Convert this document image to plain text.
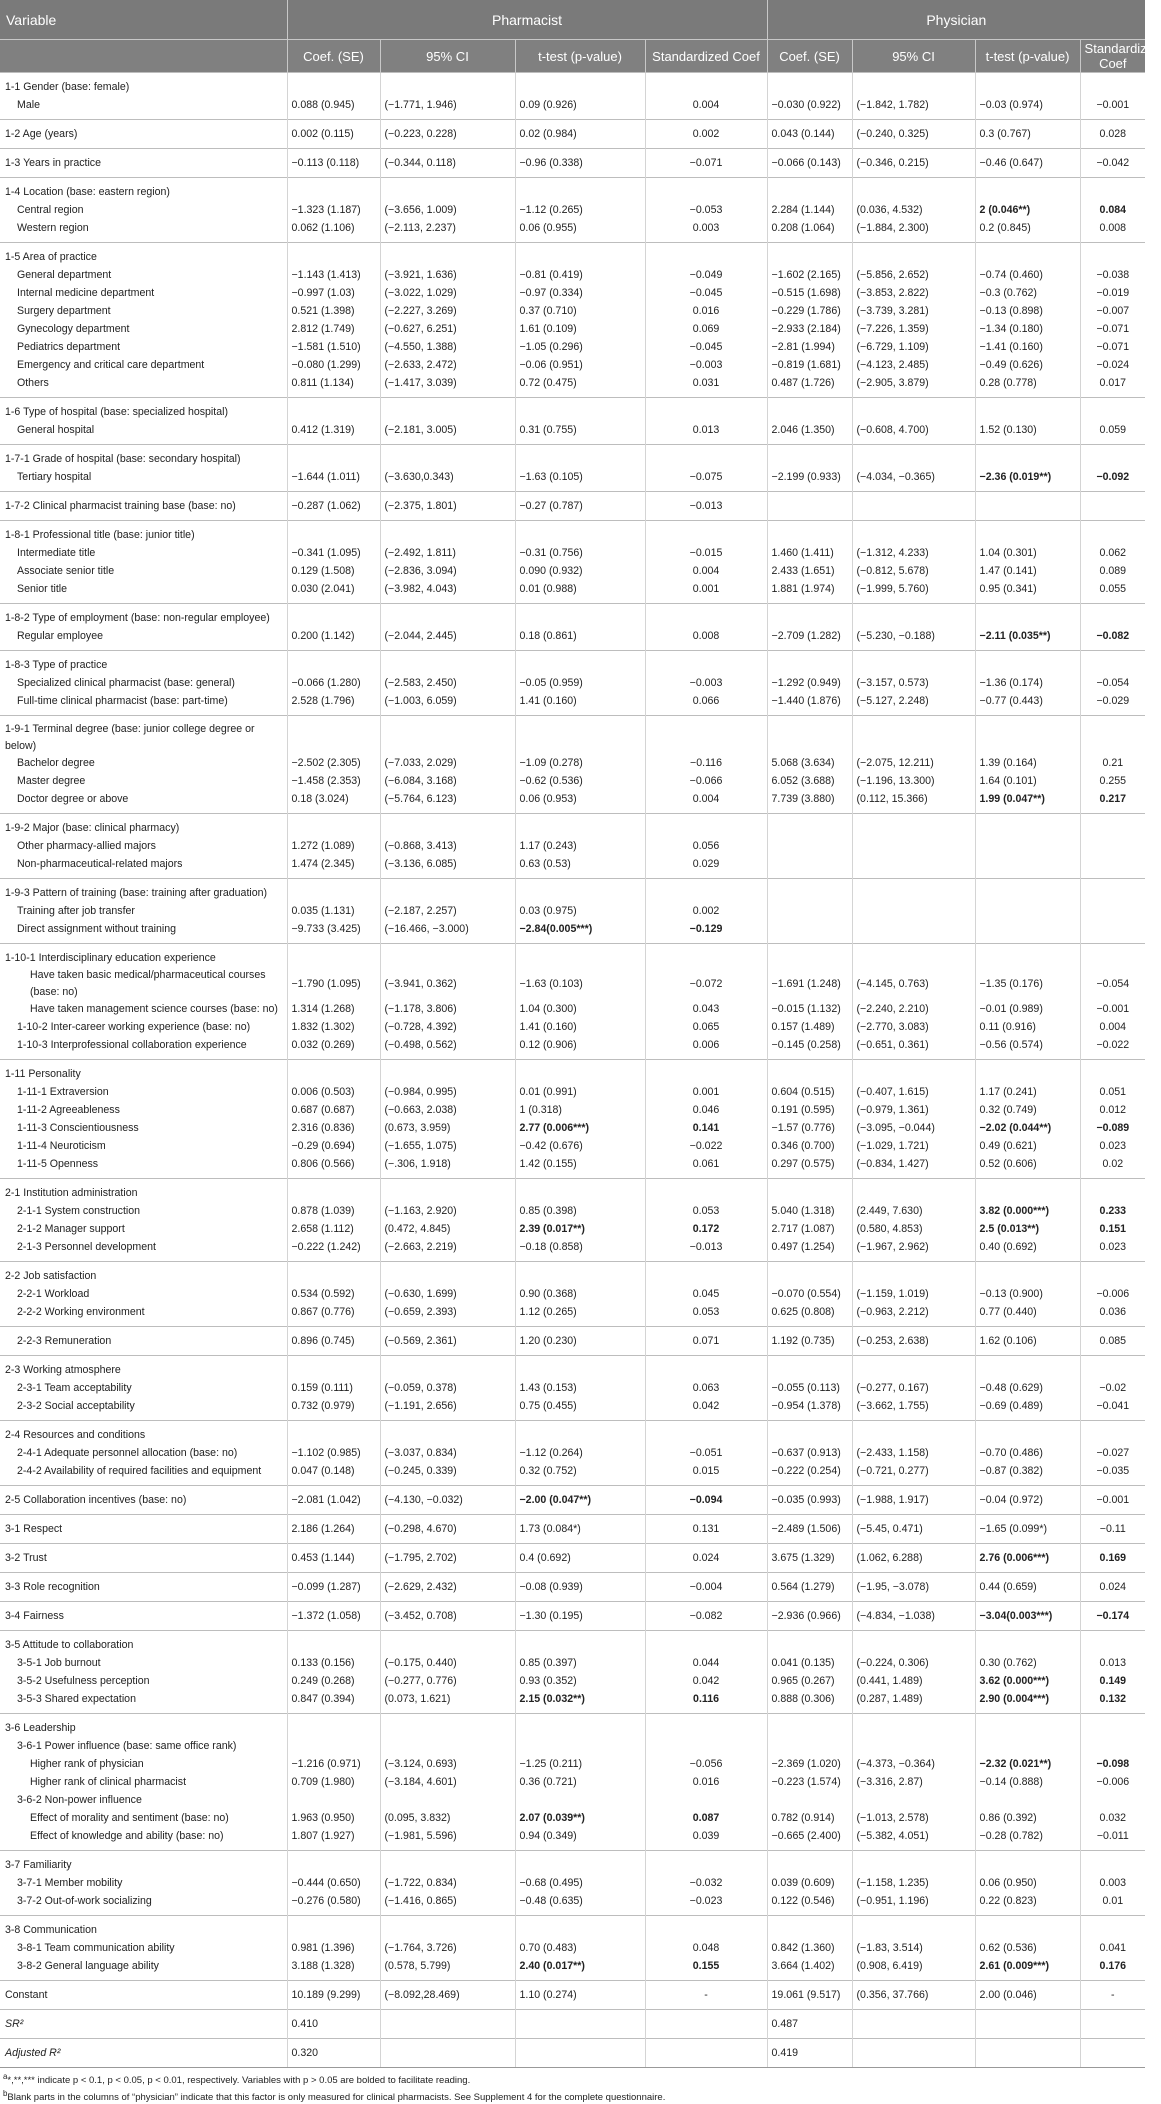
Variable	Pharmacist				Physician			
	Coef. (SE)	95% CI	t-test (p-value)	Standardized Coef	Coef. (SE)	95% CI	t-test (p-value)	Standardized Coef

1-1 Gender (base: female)								
Male	0.088 (0.945)	(−1.771, 1.946)	0.09 (0.926)	0.004	−0.030 (0.922)	(−1.842, 1.782)	−0.03 (0.974)	−0.001

1-2 Age (years)	0.002 (0.115)	(−0.223, 0.228)	0.02 (0.984)	0.002	0.043 (0.144)	(−0.240, 0.325)	0.3 (0.767)	0.028

1-3 Years in practice	−0.113 (0.118)	(−0.344, 0.118)	−0.96 (0.338)	−0.071	−0.066 (0.143)	(−0.346, 0.215)	−0.46 (0.647)	−0.042

1-4 Location (base: eastern region)								
Central region	−1.323 (1.187)	(−3.656, 1.009)	−1.12 (0.265)	−0.053	2.284 (1.144)	(0.036, 4.532)	2 (0.046**)	0.084
Western region	0.062 (1.106)	(−2.113, 2.237)	0.06 (0.955)	0.003	0.208 (1.064)	(−1.884, 2.300)	0.2 (0.845)	0.008

1-5 Area of practice								
General department	−1.143 (1.413)	(−3.921, 1.636)	−0.81 (0.419)	−0.049	−1.602 (2.165)	(−5.856, 2.652)	−0.74 (0.460)	−0.038
Internal medicine department	−0.997 (1.03)	(−3.022, 1.029)	−0.97 (0.334)	−0.045	−0.515 (1.698)	(−3.853, 2.822)	−0.3 (0.762)	−0.019
Surgery department	0.521 (1.398)	(−2.227, 3.269)	0.37 (0.710)	0.016	−0.229 (1.786)	(−3.739, 3.281)	−0.13 (0.898)	−0.007
Gynecology department	2.812 (1.749)	(−0.627, 6.251)	1.61 (0.109)	0.069	−2.933 (2.184)	(−7.226, 1.359)	−1.34 (0.180)	−0.071
Pediatrics department	−1.581 (1.510)	(−4.550, 1.388)	−1.05 (0.296)	−0.045	−2.81 (1.994)	(−6.729, 1.109)	−1.41 (0.160)	−0.071
Emergency and critical care department	−0.080 (1.299)	(−2.633, 2.472)	−0.06 (0.951)	−0.003	−0.819 (1.681)	(−4.123, 2.485)	−0.49 (0.626)	−0.024
Others	0.811 (1.134)	(−1.417, 3.039)	0.72 (0.475)	0.031	0.487 (1.726)	(−2.905, 3.879)	0.28 (0.778)	0.017

1-6 Type of hospital (base: specialized hospital)								
General hospital	0.412 (1.319)	(−2.181, 3.005)	0.31 (0.755)	0.013	2.046 (1.350)	(−0.608, 4.700)	1.52 (0.130)	0.059

1-7-1 Grade of hospital (base: secondary hospital)								
Tertiary hospital	−1.644 (1.011)	(−3.630,0.343)	−1.63 (0.105)	−0.075	−2.199 (0.933)	(−4.034, −0.365)	−2.36 (0.019**)	−0.092

1-7-2 Clinical pharmacist training base (base: no)	−0.287 (1.062)	(−2.375, 1.801)	−0.27 (0.787)	−0.013				

1-8-1 Professional title (base: junior title)								
Intermediate title	−0.341 (1.095)	(−2.492, 1.811)	−0.31 (0.756)	−0.015	1.460 (1.411)	(−1.312, 4.233)	1.04 (0.301)	0.062
Associate senior title	0.129 (1.508)	(−2.836, 3.094)	0.090 (0.932)	0.004	2.433 (1.651)	(−0.812, 5.678)	1.47 (0.141)	0.089
Senior title	0.030 (2.041)	(−3.982, 4.043)	0.01 (0.988)	0.001	1.881 (1.974)	(−1.999, 5.760)	0.95 (0.341)	0.055

1-8-2 Type of employment (base: non-regular employee)								
Regular employee	0.200 (1.142)	(−2.044, 2.445)	0.18 (0.861)	0.008	−2.709 (1.282)	(−5.230, −0.188)	−2.11 (0.035**)	−0.082

1-8-3 Type of practice								
Specialized clinical pharmacist (base: general)	−0.066 (1.280)	(−2.583, 2.450)	−0.05 (0.959)	−0.003	−1.292 (0.949)	(−3.157, 0.573)	−1.36 (0.174)	−0.054
Full-time clinical pharmacist (base: part-time)	2.528 (1.796)	(−1.003, 6.059)	1.41 (0.160)	0.066	−1.440 (1.876)	(−5.127, 2.248)	−0.77 (0.443)	−0.029

1-9-1 Terminal degree (base: junior college degree or below)								
Bachelor degree	−2.502 (2.305)	(−7.033, 2.029)	−1.09 (0.278)	−0.116	5.068 (3.634)	(−2.075, 12.211)	1.39 (0.164)	0.21
Master degree	−1.458 (2.353)	(−6.084, 3.168)	−0.62 (0.536)	−0.066	6.052 (3.688)	(−1.196, 13.300)	1.64 (0.101)	0.255
Doctor degree or above	0.18 (3.024)	(−5.764, 6.123)	0.06 (0.953)	0.004	7.739 (3.880)	(0.112, 15.366)	1.99 (0.047**)	0.217

1-9-2 Major (base: clinical pharmacy)								
Other pharmacy-allied majors	1.272 (1.089)	(−0.868, 3.413)	1.17 (0.243)	0.056				
Non-pharmaceutical-related majors	1.474 (2.345)	(−3.136, 6.085)	0.63 (0.53)	0.029				

1-9-3 Pattern of training (base: training after graduation)								
Training after job transfer	0.035 (1.131)	(−2.187, 2.257)	0.03 (0.975)	0.002				
Direct assignment without training	−9.733 (3.425)	(−16.466, −3.000)	−2.84(0.005***)	−0.129				

1-10-1 Interdisciplinary education experience								
Have taken basic medical/pharmaceutical courses (base: no)	−1.790 (1.095)	(−3.941, 0.362)	−1.63 (0.103)	−0.072	−1.691 (1.248)	(−4.145, 0.763)	−1.35 (0.176)	−0.054
Have taken management science courses (base: no)	1.314 (1.268)	(−1.178, 3.806)	1.04 (0.300)	0.043	−0.015 (1.132)	(−2.240, 2.210)	−0.01 (0.989)	−0.001
1-10-2 Inter-career working experience (base: no)	1.832 (1.302)	(−0.728, 4.392)	1.41 (0.160)	0.065	0.157 (1.489)	(−2.770, 3.083)	0.11 (0.916)	0.004
1-10-3 Interprofessional collaboration experience	0.032 (0.269)	(−0.498, 0.562)	0.12 (0.906)	0.006	−0.145 (0.258)	(−0.651, 0.361)	−0.56 (0.574)	−0.022

1-11 Personality								
1-11-1 Extraversion	0.006 (0.503)	(−0.984, 0.995)	0.01 (0.991)	0.001	0.604 (0.515)	(−0.407, 1.615)	1.17 (0.241)	0.051
1-11-2 Agreeableness	0.687 (0.687)	(−0.663, 2.038)	1 (0.318)	0.046	0.191 (0.595)	(−0.979, 1.361)	0.32 (0.749)	0.012
1-11-3 Conscientiousness	2.316 (0.836)	(0.673, 3.959)	2.77 (0.006***)	0.141	−1.57 (0.776)	(−3.095, −0.044)	−2.02 (0.044**)	−0.089
1-11-4 Neuroticism	−0.29 (0.694)	(−1.655, 1.075)	−0.42 (0.676)	−0.022	0.346 (0.700)	(−1.029, 1.721)	0.49 (0.621)	0.023
1-11-5 Openness	0.806 (0.566)	(−.306, 1.918)	1.42 (0.155)	0.061	0.297 (0.575)	(−0.834, 1.427)	0.52 (0.606)	0.02

2-1 Institution administration								
2-1-1 System construction	0.878 (1.039)	(−1.163, 2.920)	0.85 (0.398)	0.053	5.040 (1.318)	(2.449, 7.630)	3.82 (0.000***)	0.233
2-1-2 Manager support	2.658 (1.112)	(0.472, 4.845)	2.39 (0.017**)	0.172	2.717 (1.087)	(0.580, 4.853)	2.5 (0.013**)	0.151
2-1-3 Personnel development	−0.222 (1.242)	(−2.663, 2.219)	−0.18 (0.858)	−0.013	0.497 (1.254)	(−1.967, 2.962)	0.40 (0.692)	0.023

2-2 Job satisfaction								
2-2-1 Workload	0.534 (0.592)	(−0.630, 1.699)	0.90 (0.368)	0.045	−0.070 (0.554)	(−1.159, 1.019)	−0.13 (0.900)	−0.006
2-2-2 Working environment	0.867 (0.776)	(−0.659, 2.393)	1.12 (0.265)	0.053	0.625 (0.808)	(−0.963, 2.212)	0.77 (0.440)	0.036

2-2-3 Remuneration	0.896 (0.745)	(−0.569, 2.361)	1.20 (0.230)	0.071	1.192 (0.735)	(−0.253, 2.638)	1.62 (0.106)	0.085

2-3 Working atmosphere								
2-3-1 Team acceptability	0.159 (0.111)	(−0.059, 0.378)	1.43 (0.153)	0.063	−0.055 (0.113)	(−0.277, 0.167)	−0.48 (0.629)	−0.02
2-3-2 Social acceptability	0.732 (0.979)	(−1.191, 2.656)	0.75 (0.455)	0.042	−0.954 (1.378)	(−3.662, 1.755)	−0.69 (0.489)	−0.041

2-4 Resources and conditions								
2-4-1 Adequate personnel allocation (base: no)	−1.102 (0.985)	(−3.037, 0.834)	−1.12 (0.264)	−0.051	−0.637 (0.913)	(−2.433, 1.158)	−0.70 (0.486)	−0.027
2-4-2 Availability of required facilities and equipment	0.047 (0.148)	(−0.245, 0.339)	0.32 (0.752)	0.015	−0.222 (0.254)	(−0.721, 0.277)	−0.87 (0.382)	−0.035

2-5 Collaboration incentives (base: no)	−2.081 (1.042)	(−4.130, −0.032)	−2.00 (0.047**)	−0.094	−0.035 (0.993)	(−1.988, 1.917)	−0.04 (0.972)	−0.001

3-1 Respect	2.186 (1.264)	(−0.298, 4.670)	1.73 (0.084*)	0.131	−2.489 (1.506)	(−5.45, 0.471)	−1.65 (0.099*)	−0.11

3-2 Trust	0.453 (1.144)	(−1.795, 2.702)	0.4 (0.692)	0.024	3.675 (1.329)	(1.062, 6.288)	2.76 (0.006***)	0.169

3-3 Role recognition	−0.099 (1.287)	(−2.629, 2.432)	−0.08 (0.939)	−0.004	0.564 (1.279)	(−1.95, −3.078)	0.44 (0.659)	0.024

3-4 Fairness	−1.372 (1.058)	(−3.452, 0.708)	−1.30 (0.195)	−0.082	−2.936 (0.966)	(−4.834, −1.038)	−3.04(0.003***)	−0.174

3-5 Attitude to collaboration								
3-5-1 Job burnout	0.133 (0.156)	(−0.175, 0.440)	0.85 (0.397)	0.044	0.041 (0.135)	(−0.224, 0.306)	0.30 (0.762)	0.013
3-5-2 Usefulness perception	0.249 (0.268)	(−0.277, 0.776)	0.93 (0.352)	0.042	0.965 (0.267)	(0.441, 1.489)	3.62 (0.000***)	0.149
3-5-3 Shared expectation	0.847 (0.394)	(0.073, 1.621)	2.15 (0.032**)	0.116	0.888 (0.306)	(0.287, 1.489)	2.90 (0.004***)	0.132

3-6 Leadership								
3-6-1 Power influence (base: same office rank)								
Higher rank of physician	−1.216 (0.971)	(−3.124, 0.693)	−1.25 (0.211)	−0.056	−2.369 (1.020)	(−4.373, −0.364)	−2.32 (0.021**)	−0.098
Higher rank of clinical pharmacist	0.709 (1.980)	(−3.184, 4.601)	0.36 (0.721)	0.016	−0.223 (1.574)	(−3.316, 2.87)	−0.14 (0.888)	−0.006
3-6-2 Non-power influence								
Effect of morality and sentiment (base: no)	1.963 (0.950)	(0.095, 3.832)	2.07 (0.039**)	0.087	0.782 (0.914)	(−1.013, 2.578)	0.86 (0.392)	0.032
Effect of knowledge and ability (base: no)	1.807 (1.927)	(−1.981, 5.596)	0.94 (0.349)	0.039	−0.665 (2.400)	(−5.382, 4.051)	−0.28 (0.782)	−0.011

3-7 Familiarity								
3-7-1 Member mobility	−0.444 (0.650)	(−1.722, 0.834)	−0.68 (0.495)	−0.032	0.039 (0.609)	(−1.158, 1.235)	0.06 (0.950)	0.003
3-7-2 Out-of-work socializing	−0.276 (0.580)	(−1.416, 0.865)	−0.48 (0.635)	−0.023	0.122 (0.546)	(−0.951, 1.196)	0.22 (0.823)	0.01

3-8 Communication								
3-8-1 Team communication ability	0.981 (1.396)	(−1.764, 3.726)	0.70 (0.483)	0.048	0.842 (1.360)	(−1.83, 3.514)	0.62 (0.536)	0.041
3-8-2 General language ability	3.188 (1.328)	(0.578, 5.799)	2.40 (0.017**)	0.155	3.664 (1.402)	(0.908, 6.419)	2.61 (0.009***)	0.176

Constant	10.189 (9.299)	(−8.092,28.469)	1.10 (0.274)	-	19.061 (9.517)	(0.356, 37.766)	2.00 (0.046)	-

SR²	0.410				0.487			

Adjusted R²	0.320				0.419			

$^a$*,**,*** indicate p < 0.1, p < 0.05, p < 0.01, respectively. Variables with p > 0.05 are bolded to facilitate reading.
$^b$Blank parts in the columns of “physician” indicate that this factor is only measured for clinical pharmacists. See Supplement 4 for the complete questionnaire.
